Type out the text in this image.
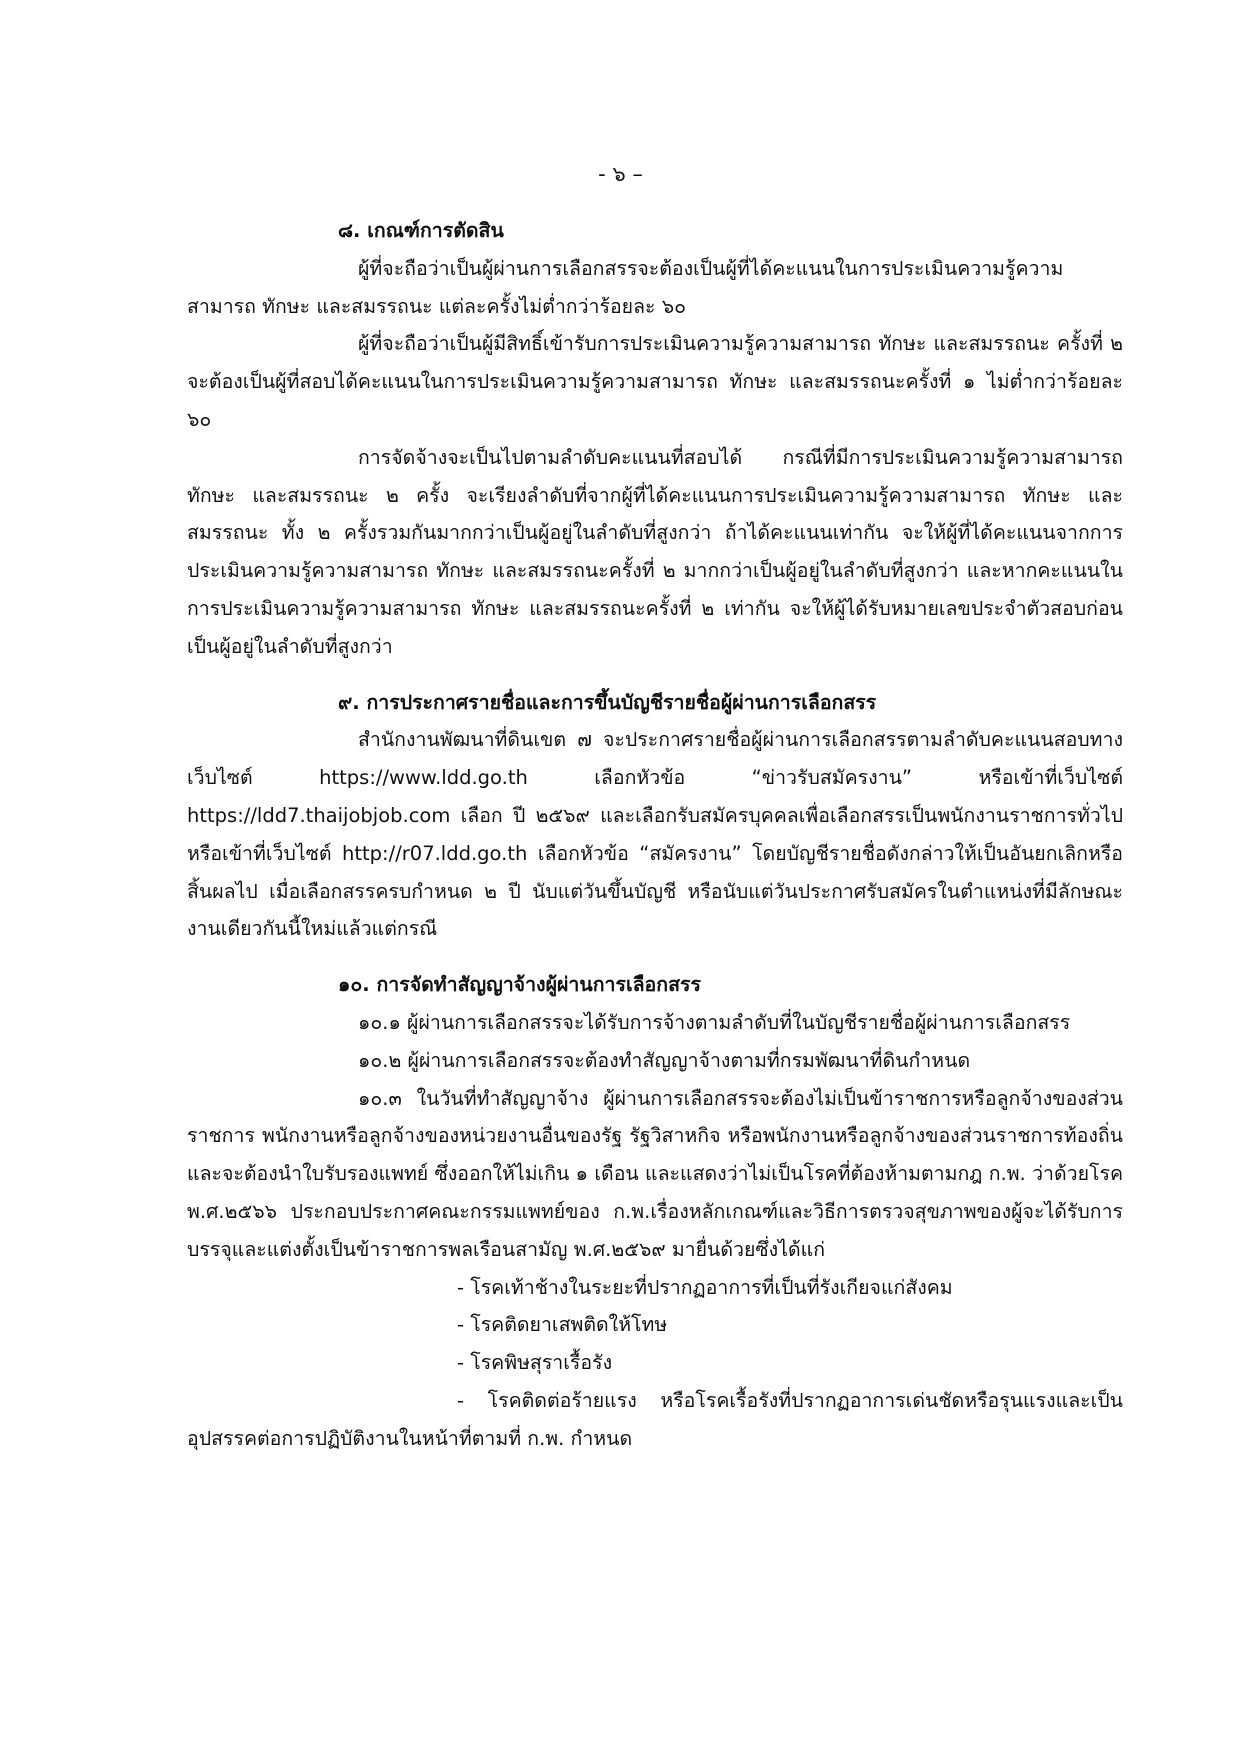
- ๖ –
๘. เกณฑ์การตัดสิน

ผู้ที่จะถือว่าเป็นผู้ผ่านการเลือกสรรจะต้องเป็นผู้ที่ได้คะแนนในการประเมินความรู้ความสามารถ ทักษะ และสมรรถนะ แต่ละครั้งไม่ต่ำกว่าร้อยละ ๖๐

ผู้ที่จะถือว่าเป็นผู้มีสิทธิ์เข้ารับการประเมินความรู้ความสามารถ ทักษะ และสมรรถนะ ครั้งที่ ๒ จะต้องเป็นผู้ที่สอบได้คะแนนในการประเมินความรู้ความสามารถ ทักษะ และสมรรถนะครั้งที่ ๑ ไม่ต่ำกว่าร้อยละ ๖๐

การจัดจ้างจะเป็นไปตามลำดับคะแนนที่สอบได้ กรณีที่มีการประเมินความรู้ความสามารถ ทักษะ และสมรรถนะ ๒ ครั้ง จะเรียงลำดับที่จากผู้ที่ได้คะแนนการประเมินความรู้ความสามารถ ทักษะ และสมรรถนะ ทั้ง ๒ ครั้งรวมกันมากกว่าเป็นผู้อยู่ในลำดับที่สูงกว่า ถ้าได้คะแนนเท่ากัน จะให้ผู้ที่ได้คะแนนจากการประเมินความรู้ความสามารถ ทักษะ และสมรรถนะครั้งที่ ๒ มากกว่าเป็นผู้อยู่ในลำดับที่สูงกว่า และหากคะแนนในการประเมินความรู้ความสามารถ ทักษะ และสมรรถนะครั้งที่ ๒ เท่ากัน จะให้ผู้ได้รับหมายเลขประจำตัวสอบก่อนเป็นผู้อยู่ในลำดับที่สูงกว่า

๙. การประกาศรายชื่อและการขึ้นบัญชีรายชื่อผู้ผ่านการเลือกสรร

สำนักงานพัฒนาที่ดินเขต ๗ จะประกาศรายชื่อผู้ผ่านการเลือกสรรตามลำดับคะแนนสอบทางเว็บไซต์ https://www.ldd.go.th เลือกหัวข้อ “ข่าวรับสมัครงาน” หรือเข้าที่เว็บไซต์ https://ldd7.thaijobjob.com เลือก ปี ๒๕๖๙ และเลือกรับสมัครบุคคลเพื่อเลือกสรรเป็นพนักงานราชการทั่วไป หรือเข้าที่เว็บไซต์ http://r07.ldd.go.th เลือกหัวข้อ “สมัครงาน” โดยบัญชีรายชื่อดังกล่าวให้เป็นอันยกเลิกหรือสิ้นผลไป เมื่อเลือกสรรครบกำหนด ๒ ปี นับแต่วันขึ้นบัญชี หรือนับแต่วันประกาศรับสมัครในตำแหน่งที่มีลักษณะงานเดียวกันนี้ใหม่แล้วแต่กรณี

๑๐. การจัดทำสัญญาจ้างผู้ผ่านการเลือกสรร
๑๐.๑ ผู้ผ่านการเลือกสรรจะได้รับการจ้างตามลำดับที่ในบัญชีรายชื่อผู้ผ่านการเลือกสรร
๑๐.๒ ผู้ผ่านการเลือกสรรจะต้องทำสัญญาจ้างตามที่กรมพัฒนาที่ดินกำหนด

๑๐.๓ ในวันที่ทำสัญญาจ้าง ผู้ผ่านการเลือกสรรจะต้องไม่เป็นข้าราชการหรือลูกจ้างของส่วนราชการ พนักงานหรือลูกจ้างของหน่วยงานอื่นของรัฐ รัฐวิสาหกิจ หรือพนักงานหรือลูกจ้างของส่วนราชการท้องถิ่น และจะต้องนำใบรับรองแพทย์ ซึ่งออกให้ไม่เกิน ๑ เดือน และแสดงว่าไม่เป็นโรคที่ต้องห้ามตามกฎ ก.พ. ว่าด้วยโรค พ.ศ.๒๕๖๖ ประกอบประกาศคณะกรรมแพทย์ของ ก.พ.เรื่องหลักเกณฑ์และวิธีการตรวจสุขภาพของผู้จะได้รับการบรรจุและแต่งตั้งเป็นข้าราชการพลเรือนสามัญ พ.ศ.๒๕๖๙ มายื่นด้วยซึ่งได้แก่

- โรคเท้าช้างในระยะที่ปรากฏอาการที่เป็นที่รังเกียจแก่สังคม
- โรคติดยาเสพติดให้โทษ
- โรคพิษสุราเรื้อรัง

- โรคติดต่อร้ายแรง หรือโรคเรื้อรังที่ปรากฏอาการเด่นชัดหรือรุนแรงและเป็นอุปสรรคต่อการปฏิบัติงานในหน้าที่ตามที่ ก.พ. กำหนด
